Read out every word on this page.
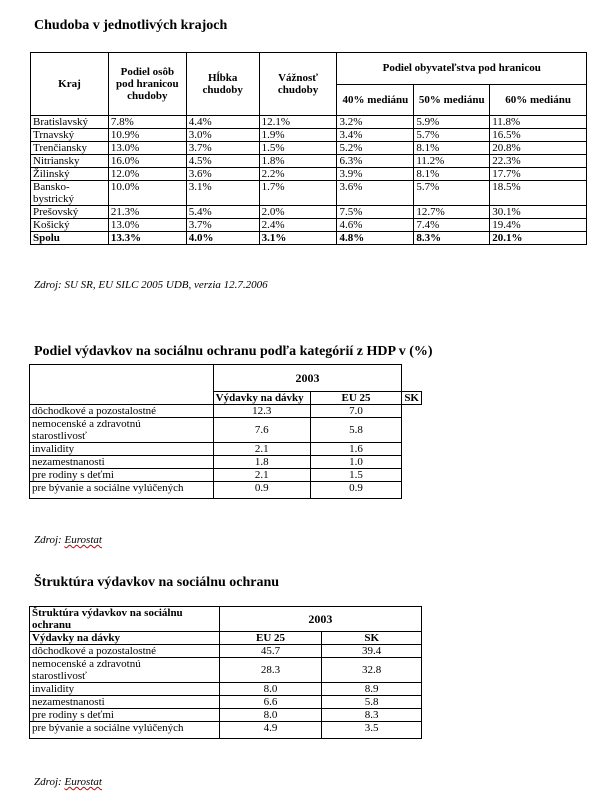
Chudoba v jednotlivých krajoch
Kraj	Podiel osôb pod hranicou chudoby	Hĺbka chudoby	Vážnosť chudoby	Podiel obyvateľstva pod hranicou		
				40% mediánu	50% mediánu	60% mediánu
Bratislavský	7.8%	4.4%	12.1%	3.2%	5.9%	11.8%
Trnavský	10.9%	3.0%	1.9%	3.4%	5.7%	16.5%
Trenčiansky	13.0%	3.7%	1.5%	5.2%	8.1%	20.8%
Nitriansky	16.0%	4.5%	1.8%	6.3%	11.2%	22.3%
Žilinský	12.0%	3.6%	2.2%	3.9%	8.1%	17.7%
Bansko-bystrický	10.0%	3.1%	1.7%	3.6%	5.7%	18.5%
Prešovský	21.3%	5.4%	2.0%	7.5%	12.7%	30.1%
Košický	13.0%	3.7%	2.4%	4.6%	7.4%	19.4%
Spolu	13.3%	4.0%	3.1%	4.8%	8.3%	20.1%
Zdroj: SU SR, EU SILC 2005 UDB, verzia 12.7.2006
Podiel výdavkov na sociálnu ochranu podľa kategórií z HDP v (%)
	2003		
	Výdavky na dávky	EU 25	SK
dôchodkové a pozostalostné	12.3	7.0	

nemocenské a zdravotnú starostlivosť	7.6	5.8	
invalidity	2.1	1.6	
nezamestnanosti	1.8	1.0	
pre rodiny s deťmi	2.1	1.5	
pre bývanie a sociálne vylúčených	0.9	0.9	
Zdroj: Eurostat
Štruktúra výdavkov na sociálnu ochranu
Štruktúra výdavkov na sociálnu ochranu	2003	
Výdavky na dávky	EU 25	SK
dôchodkové a pozostalostné	45.7	39.4

nemocenské a zdravotnú starostlivosť	28.3	32.8
invalidity	8.0	8.9
nezamestnanosti	6.6	5.8
pre rodiny s deťmi	8.0	8.3
pre bývanie a sociálne vylúčených	4.9	3.5
Zdroj: Eurostat
